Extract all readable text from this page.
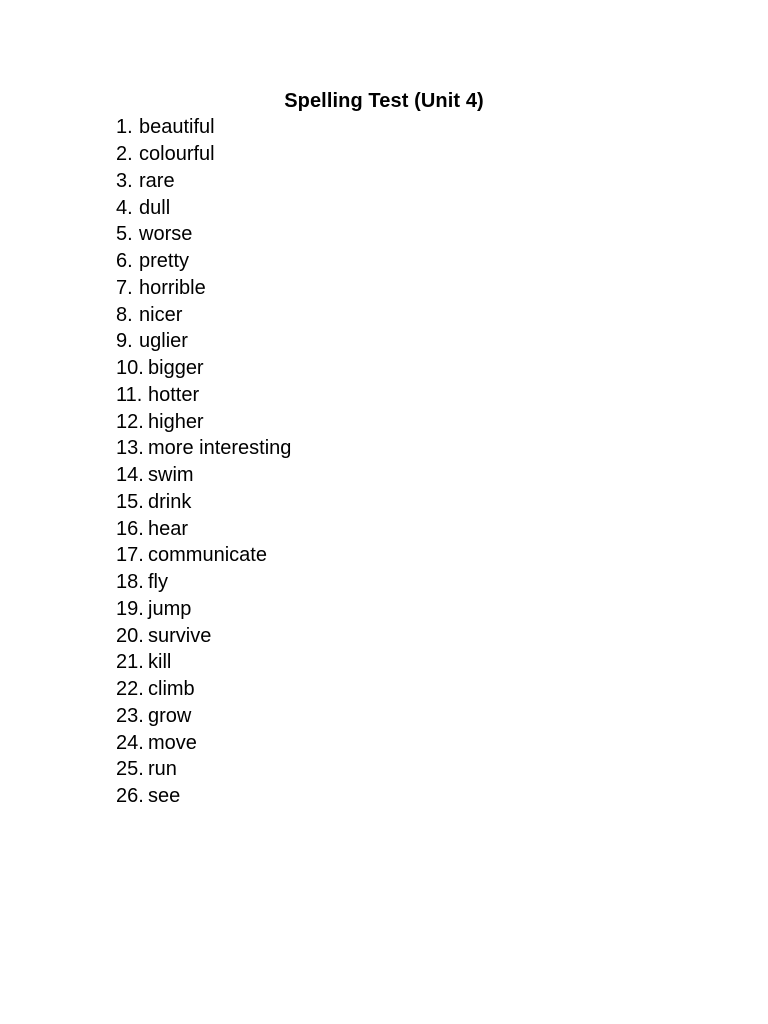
Spelling Test (Unit 4)
1. beautiful
2. colourful
3. rare
4. dull
5. worse
6. pretty
7. horrible
8. nicer
9. uglier
10. bigger
11. hotter
12. higher
13. more interesting
14. swim
15. drink
16. hear
17. communicate
18. fly
19. jump
20. survive
21. kill
22. climb
23. grow
24. move
25. run
26. see
